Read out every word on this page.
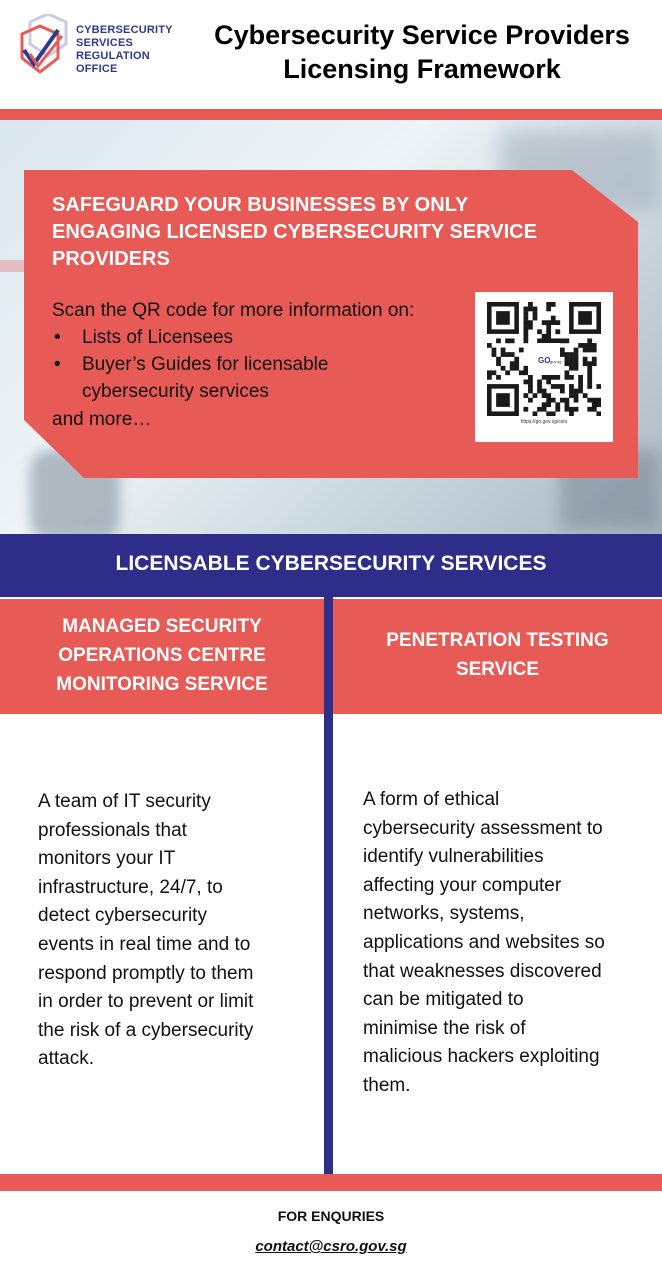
CYBERSECURITY
SERVICES
REGULATION
OFFICE
Cybersecurity Service Providers
Licensing Framework
SAFEGUARD YOUR BUSINESSES BY ONLY
ENGAGING LICENSED CYBERSECURITY SERVICE
PROVIDERS
Scan the QR code for more information on:
• Lists of Licensees
• Buyer’s Guides for licensable cybersecurity services
and more…
GO gov.sg
https://go.gov.sg/csrs
LICENSABLE CYBERSECURITY SERVICES
MANAGED SECURITY
OPERATIONS CENTRE
MONITORING SERVICE
PENETRATION TESTING
SERVICE
A team of IT security
professionals that
monitors your IT
infrastructure, 24/7, to
detect cybersecurity
events in real time and to
respond promptly to them
in order to prevent or limit
the risk of a cybersecurity
attack.
A form of ethical
cybersecurity assessment to
identify vulnerabilities
affecting your computer
networks, systems,
applications and websites so
that weaknesses discovered
can be mitigated to
minimise the risk of
malicious hackers exploiting
them.
FOR ENQURIES
contact@csro.gov.sg
